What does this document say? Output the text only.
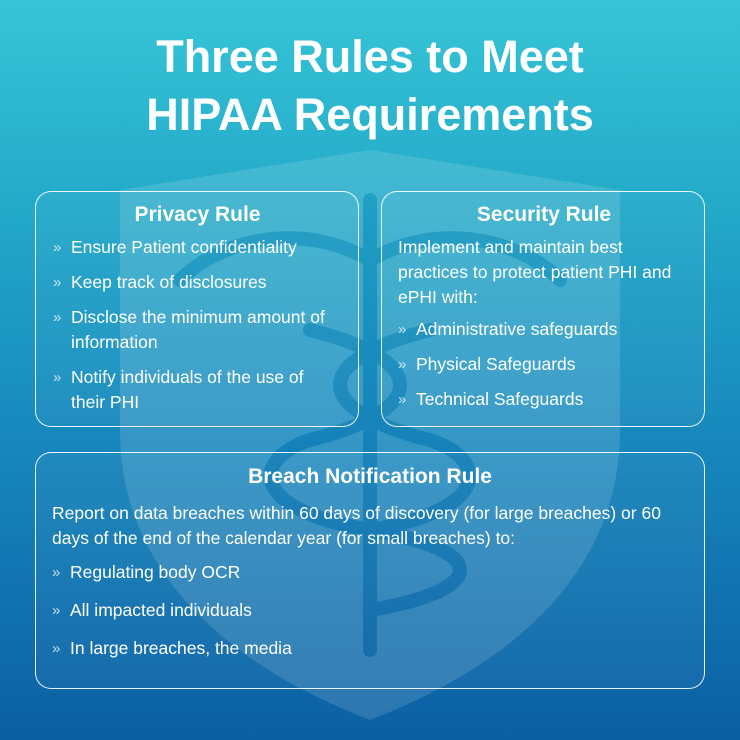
Three Rules to Meet
HIPAA Requirements
Privacy Rule
» Ensure Patient confidentiality
» Keep track of disclosures
» Disclose the minimum amount of information
» Notify individuals of the use of their PHI
Security Rule
Implement and maintain best practices to protect patient PHI and ePHI with:
» Administrative safeguards
» Physical Safeguards
» Technical Safeguards
Breach Notification Rule
Report on data breaches within 60 days of discovery (for large breaches) or 60 days of the end of the calendar year (for small breaches) to:
» Regulating body OCR
» All impacted individuals
» In large breaches, the media
